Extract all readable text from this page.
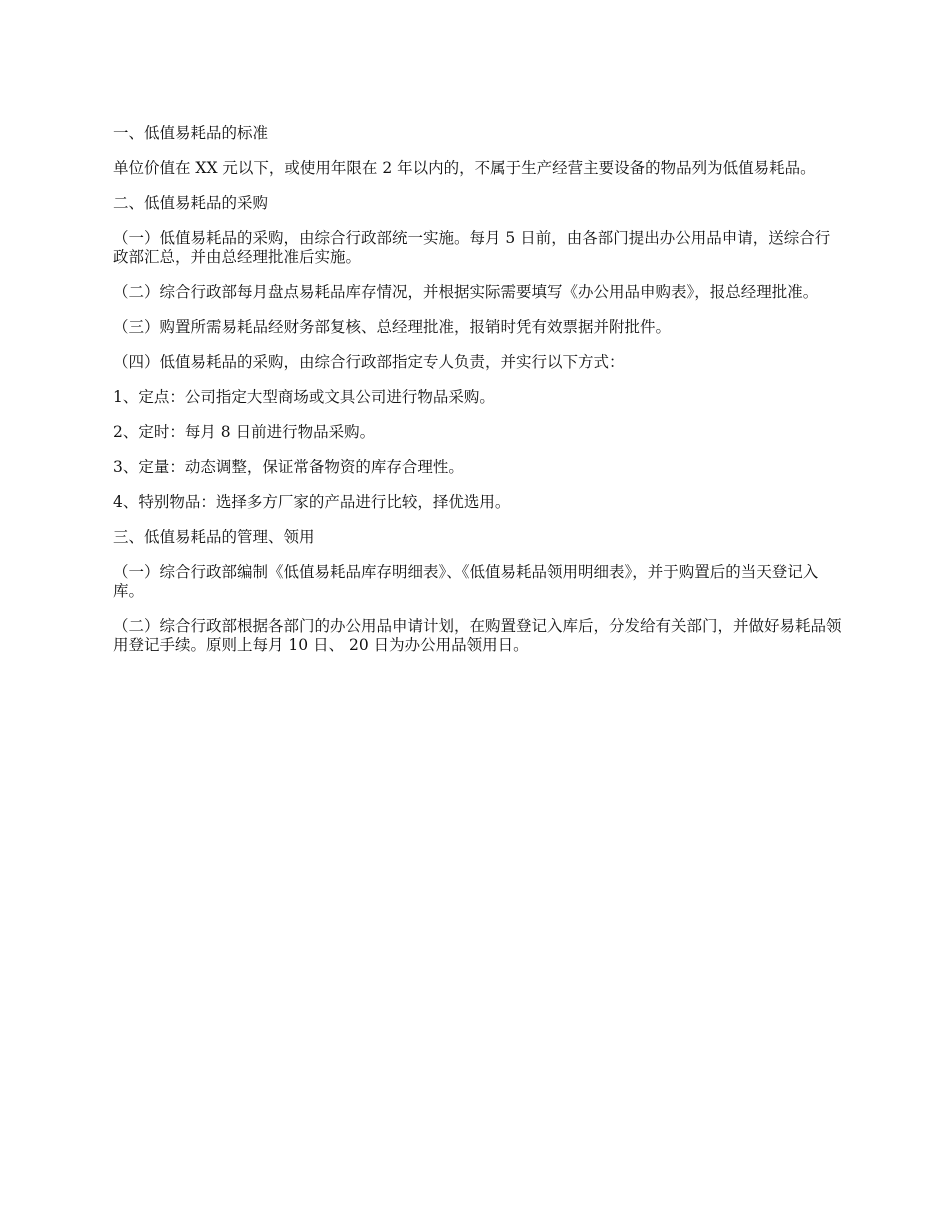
一、低值易耗品的标准

单位价值在 XX 元以下，或使用年限在 2 年以内的，不属于生产经营主要设备的物品列为低值易耗品。

二、低值易耗品的采购

（一）低值易耗品的采购，由综合行政部统一实施。每月 5 日前，由各部门提出办公用品申请，送综合行政部汇总，并由总经理批准后实施。

（二）综合行政部每月盘点易耗品库存情况，并根据实际需要填写《办公用品申购表》，报总经理批准。

（三）购置所需易耗品经财务部复核、总经理批准，报销时凭有效票据并附批件。

（四）低值易耗品的采购，由综合行政部指定专人负责，并实行以下方式：

1、定点：公司指定大型商场或文具公司进行物品采购。

2、定时：每月 8 日前进行物品采购。

3、定量：动态调整，保证常备物资的库存合理性。

4、特别物品：选择多方厂家的产品进行比较，择优选用。

三、低值易耗品的管理、领用

（一）综合行政部编制《低值易耗品库存明细表》、《低值易耗品领用明细表》，并于购置后的当天登记入库。

（二）综合行政部根据各部门的办公用品申请计划，在购置登记入库后，分发给有关部门，并做好易耗品领用登记手续。原则上每月 10 日、 20 日为办公用品领用日。
